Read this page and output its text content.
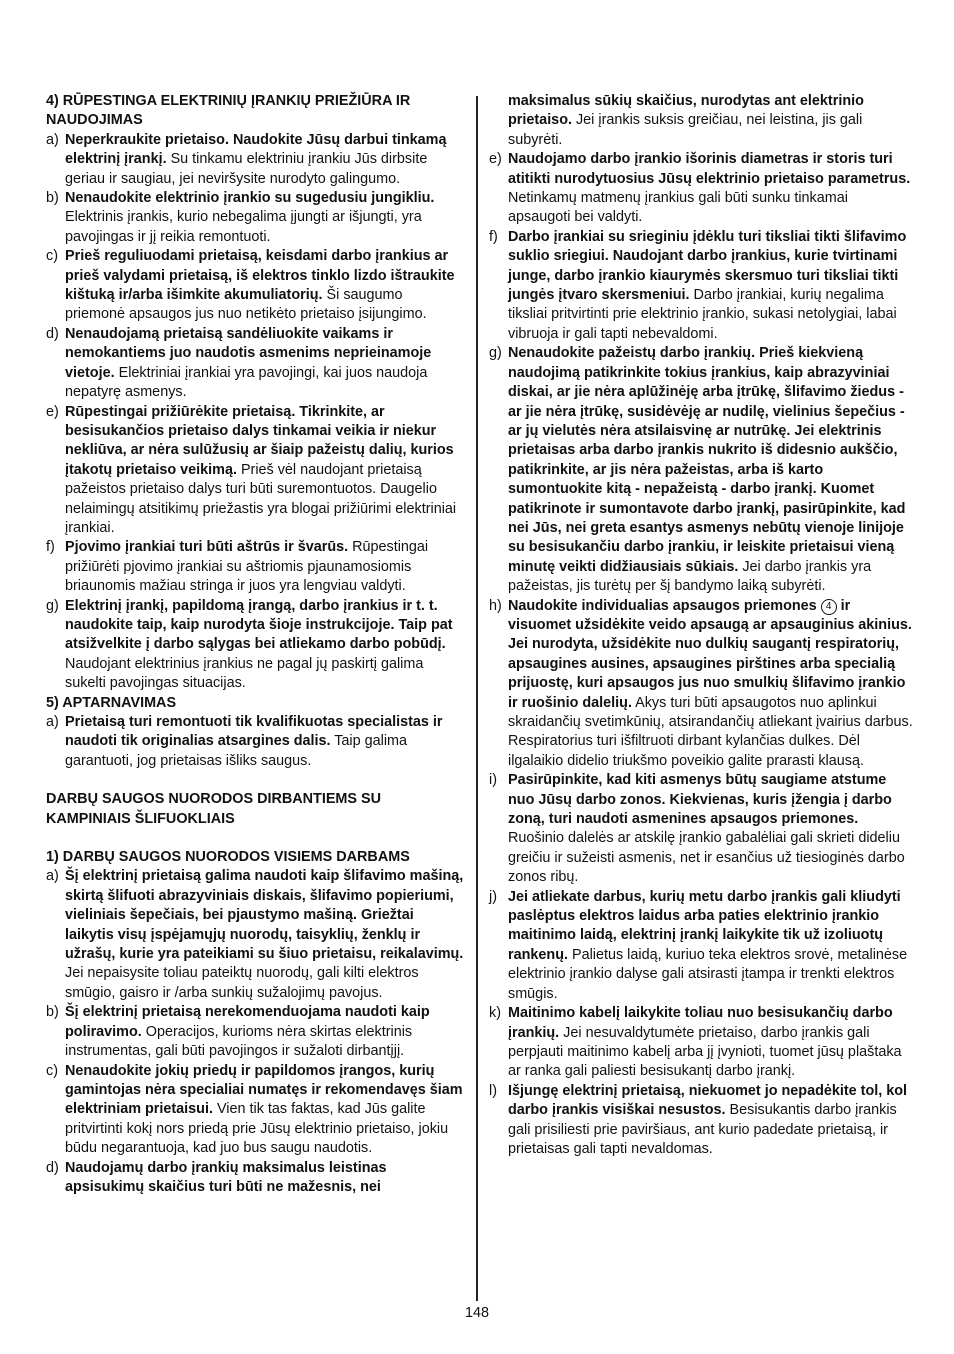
4) RŪPESTINGA ELEKTRINIŲ ĮRANKIŲ PRIEŽIŪRA IR NAUDOJIMAS
a) Neperkraukite prietaiso. Naudokite Jūsų darbui tinkamą elektrinį įrankį. Su tinkamu elektriniu įrankiu Jūs dirbsite geriau ir saugiau, jei neviršysite nurodyto galingumo.
b) Nenaudokite elektrinio įrankio su sugedusiu jungikliu. Elektrinis įrankis, kurio nebegalima įjungti ar išjungti, yra pavojingas ir jį reikia remontuoti.
c) Prieš reguliuodami prietaisą, keisdami darbo įrankius ar prieš valydami prietaisą, iš elektros tinklo lizdo ištraukite kištuką ir/arba išimkite akumuliatorių. Ši saugumo priemonė apsaugos jus nuo netikėto prietaiso įsijungimo.
d) Nenaudojamą prietaisą sandėliuokite vaikams ir nemokantiems juo naudotis asmenims neprieinamoje vietoje. Elektriniai įrankiai yra pavojingi, kai juos naudoja nepatyrę asmenys.
e) Rūpestingai prižiūrėkite prietaisą. Tikrinkite, ar besisukančios prietaiso dalys tinkamai veikia ir niekur nekliūva, ar nėra sulūžusių ar šiaip pažeistų dalių, kurios įtakotų prietaiso veikimą. Prieš vėl naudojant prietaisą pažeistos prietaiso dalys turi būti suremontuotos. Daugelio nelaimingų atsitikimų priežastis yra blogai prižiūrimi elektriniai įrankiai.
f) Pjovimo įrankiai turi būti aštrūs ir švarūs. Rūpestingai prižiūrėti pjovimo įrankiai su aštriomis pjaunamosiomis briaunomis mažiau stringa ir juos yra lengviau valdyti.
g) Elektrinį įrankį, papildomą įrangą, darbo įrankius ir t. t. naudokite taip, kaip nurodyta šioje instrukcijoje. Taip pat atsižvelkite į darbo sąlygas bei atliekamo darbo pobūdį. Naudojant elektrinius įrankius ne pagal jų paskirtį galima sukelti pavojingas situacijas.
5) APTARNAVIMAS
a) Prietaisą turi remontuoti tik kvalifikuotas specialistas ir naudoti tik originalias atsargines dalis. Taip galima garantuoti, jog prietaisas išliks saugus.
DARBŲ SAUGOS NUORODOS DIRBANTIEMS SU KAMPINIAIS ŠLIFUOKLIAIS
1) DARBŲ SAUGOS NUORODOS VISIEMS DARBAMS
a) Šį elektrinį prietaisą galima naudoti kaip šlifavimo mašiną, skirtą šlifuoti abrazyviniais diskais, šlifavimo popieriumi, vieliniais šepečiais, bei pjaustymo mašiną. Griežtai laikytis visų įspėjamųjų nuorodų, taisyklių, ženklų ir užrašų, kurie yra pateikiami su šiuo prietaisu, reikalavimų. Jei nepaisysite toliau pateiktų nuorodų, gali kilti elektros smūgio, gaisro ir /arba sunkių sužalojimų pavojus.
b) Šį elektrinį prietaisą nerekomenduojama naudoti kaip poliravimo. Operacijos, kurioms nėra skirtas elektrinis instrumentas, gali būti pavojingos ir sužaloti dirbantįjį.
c) Nenaudokite jokių priedų ir papildomos įrangos, kurių gamintojas nėra specialiai numatęs ir rekomendavęs šiam elektriniam prietaisui. Vien tik tas faktas, kad Jūs galite pritvirtinti kokį nors priedą prie Jūsų elektrinio prietaiso, jokiu būdu negarantuoja, kad juo bus saugu naudotis.
d) Naudojamų darbo įrankių maksimalus leistinas apsisukimų skaičius turi būti ne mažesnis, nei
maksimalus sūkių skaičius, nurodytas ant elektrinio prietaiso. Jei įrankis suksis greičiau, nei leistina, jis gali subyrėti.
e) Naudojamo darbo įrankio išorinis diametras ir storis turi atitikti nurodytuosius Jūsų elektrinio prietaiso parametrus. Netinkamų matmenų įrankius gali būti sunku tinkamai apsaugoti bei valdyti.
f) Darbo įrankiai su srieginiu įdėklu turi tiksliai tikti šlifavimo suklio sriegiui. Naudojant darbo įrankius, kurie tvirtinami junge, darbo įrankio kiaurymės skersmuo turi tiksliai tikti jungės įtvaro skersmeniui. Darbo įrankiai, kurių negalima tiksliai pritvirtinti prie elektrinio įrankio, sukasi netolygiai, labai vibruoja ir gali tapti nebevaldomi.
g) Nenaudokite pažeistų darbo įrankių. Prieš kiekvieną naudojimą patikrinkite tokius įrankius, kaip abrazyviniai diskai, ar jie nėra aplūžinėję arba įtrūkę, šlifavimo žiedus - ar jie nėra įtrūkę, susidėvėję ar nudilę, vielinius šepečius - ar jų vielutės nėra atsilaisvinę ar nutrūkę. Jei elektrinis prietaisas arba darbo įrankis nukrito iš didesnio aukščio, patikrinkite, ar jis nėra pažeistas, arba iš karto sumontuokite kitą - nepažeistą - darbo įrankį. Kuomet patikrinote ir sumontavote darbo įrankį, pasirūpinkite, kad nei Jūs, nei greta esantys asmenys nebūtų vienoje linijoje su besisukančiu darbo įrankiu, ir leiskite prietaisui vieną minutę veikti didžiausiais sūkiais. Jei darbo įrankis yra pažeistas, jis turėtų per šį bandymo laiką subyrėti.
h) Naudokite individualias apsaugos priemones 4 ir visuomet užsidėkite veido apsaugą ar apsauginius akinius. Jei nurodyta, užsidėkite nuo dulkių saugantį respiratorių, apsaugines ausines, apsaugines pirštines arba specialią prijuostę, kuri apsaugos jus nuo smulkių šlifavimo įrankio ir ruošinio dalelių. Akys turi būti apsaugotos nuo aplinkui skraidančių svetimkūnių, atsirandančių atliekant įvairius darbus. Respiratorius turi išfiltruoti dirbant kylančias dulkes. Dėl ilgalaikio didelio triukšmo poveikio galite prarasti klausą.
i) Pasirūpinkite, kad kiti asmenys būtų saugiame atstume nuo Jūsų darbo zonos. Kiekvienas, kuris įžengia į darbo zoną, turi naudoti asmenines apsaugos priemones. Ruošinio dalelės ar atskilę įrankio gabalėliai gali skrieti dideliu greičiu ir sužeisti asmenis, net ir esančius už tiesioginės darbo zonos ribų.
j) Jei atliekate darbus, kurių metu darbo įrankis gali kliudyti paslėptus elektros laidus arba paties elektrinio įrankio maitinimo laidą, elektrinį įrankį laikykite tik už izoliuotų rankenų. Palietus laidą, kuriuo teka elektros srovė, metalinėse elektrinio įrankio dalyse gali atsirasti įtampa ir trenkti elektros smūgis.
k) Maitinimo kabelį laikykite toliau nuo besisukančių darbo įrankių. Jei nesuvaldytumėte prietaiso, darbo įrankis gali perpjauti maitinimo kabelį arba jį įvynioti, tuomet jūsų plaštaka ar ranka gali paliesti besisukantį darbo įrankį.
l) Išjungę elektrinį prietaisą, niekuomet jo nepadėkite tol, kol darbo įrankis visiškai nesustos. Besisukantis darbo įrankis gali prisiliesti prie paviršiaus, ant kurio padedate prietaisą, ir prietaisas gali tapti nevaldomas.
148
